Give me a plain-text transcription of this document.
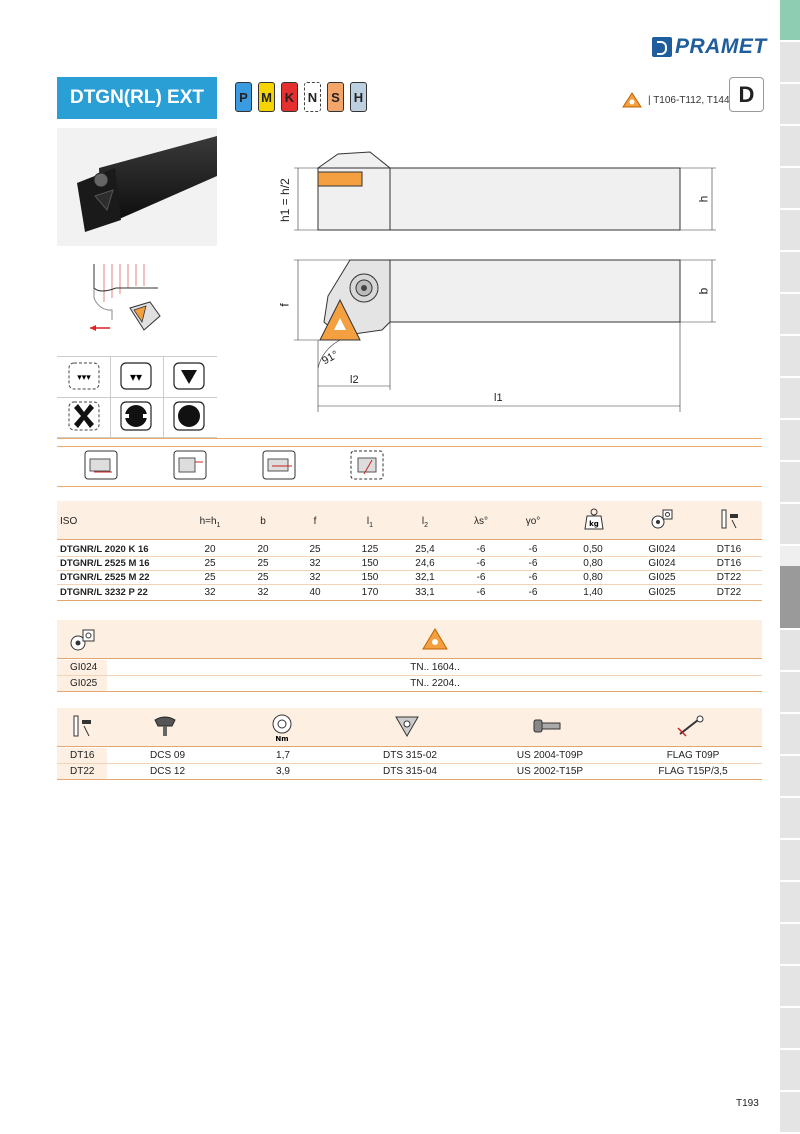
PRAMET
DTGN(RL) EXT	P	M K N	S	H	| T106-T112, T144 D
▾▾▾	▾▾
h1 = h/2	h
b
f
91°
l2
l1
ISO	$h=h_1$	b	f	$l_1$	$l_2$	λs°	γo°	kg
DTGNR/L 2020 K 16	20	20	25	125	25,4	-6	-6	0,50	GI024	DT16
DTGNR/L 2525 M 16	25	25	32	150	24,6	-6	-6	0,80	GI024	DT16
DTGNR/L 2525 M 22	25	25	32	150	32,1	-6	-6	0,80	GI025	DT22
DTGNR/L 3232 P 22	32	32	40	170	33,1	-6	-6	1,40	GI025	DT22
GI024	TN.. 1604..
GI025	TN.. 2204..
Nm
DT16	DCS 09	1,7	DTS 315-02	US 2004-T09P	FLAG T09P
DT22	DCS 12	3,9	DTS 315-04	US 2002-T15P	FLAG T15P/3,5
T193
